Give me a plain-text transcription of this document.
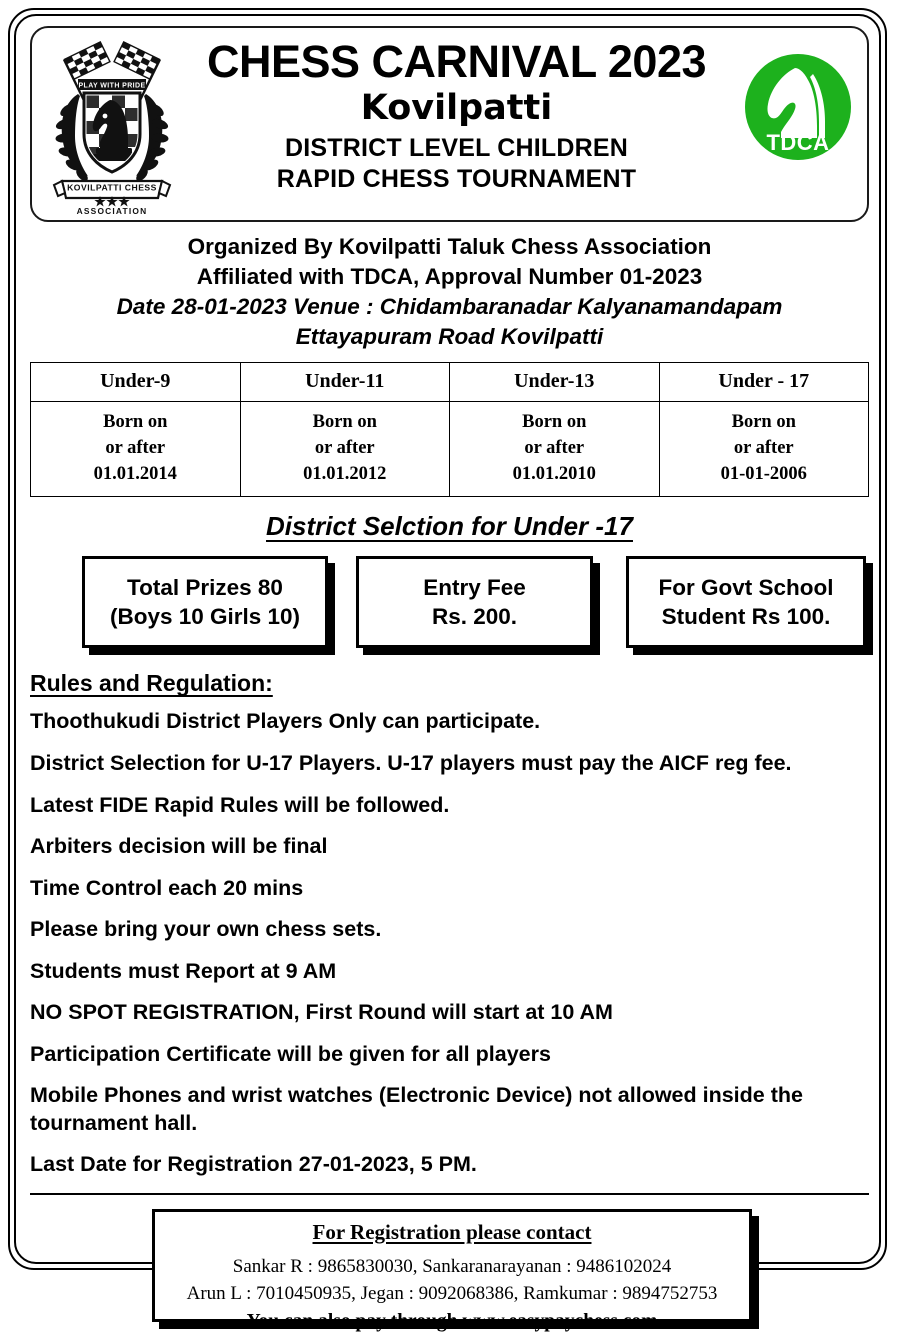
PLAY WITH PRIDE
KOVILPATTI CHESS
ASSOCIATION
CHESS CARNIVAL 2023
Kovilpatti
DISTRICT LEVEL CHILDREN
RAPID CHESS TOURNAMENT
TDCA
Organized By Kovilpatti Taluk Chess Association
Affiliated with TDCA, Approval Number 01-2023
Date 28-01-2023 Venue : Chidambaranadar Kalyanamandapam
Ettayapuram Road Kovilpatti
Under-9	Under-11	Under-13	Under - 17
Born on
or after
01.01.2014	Born on
or after
01.01.2012	Born on
or after
01.01.2010	Born on
or after
01-01-2006
District Selction for Under -17
Total Prizes 80
(Boys 10 Girls 10)
Entry Fee
Rs. 200.
For Govt School
Student Rs 100.
Rules and Regulation:
Thoothukudi District Players Only can participate.
District Selection for U-17 Players. U-17 players must pay the AICF reg fee.
Latest FIDE Rapid Rules will be followed.
Arbiters decision will be final
Time Control each 20 mins
Please bring your own chess sets.
Students must Report at 9 AM
NO SPOT REGISTRATION, First Round will start at 10 AM
Participation Certificate will be given for all players
Mobile Phones and wrist watches (Electronic Device) not allowed inside the tournament hall.
Last Date for Registration 27-01-2023, 5 PM.
For Registration please contact
Sankar R : 9865830030, Sankaranarayanan : 9486102024
Arun L : 7010450935, Jegan : 9092068386, Ramkumar : 9894752753
You can also pay through www.easypaychess.com
